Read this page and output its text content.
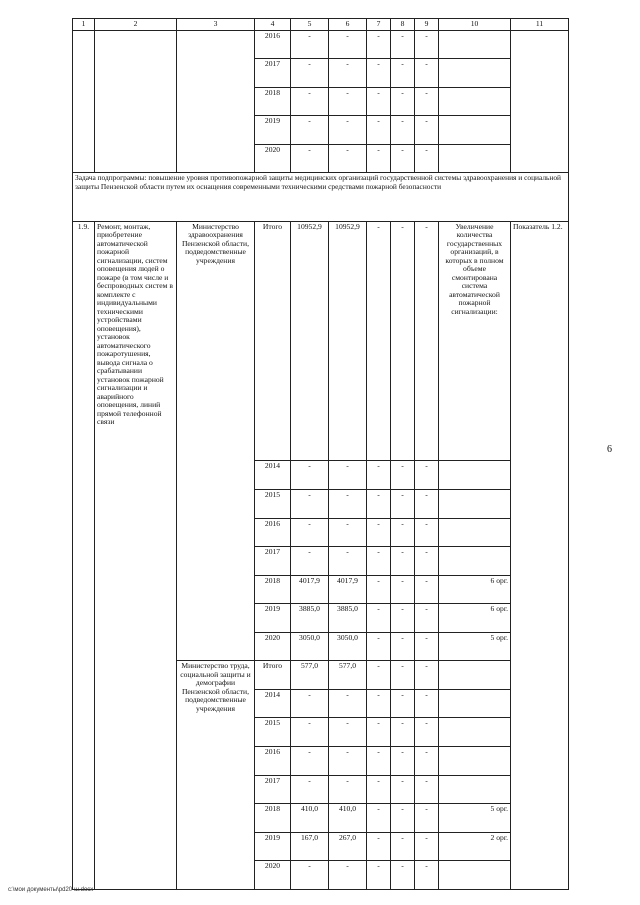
6
1	2	3	4	5	6	7	8	9	10	11
			2016	-	-	-	-	-		
			2017	-	-	-	-	-		
			2018	-	-	-	-	-		
			2019	-	-	-	-	-		
			2020	-	-	-	-	-		
Задача подпрограммы: повышение уровня противопожарной защиты медицинских организаций государственной системы здравоохранения и социальной защиты Пензенской области путем их оснащения современными техническими средствами пожарной безопасности										
1.9.	Ремонт, монтаж, приобретение автоматической пожарной сигнализации, систем оповещения людей о пожаре (в том числе и беспроводных систем в комплекте с индивидуальными техническими устройствами оповещения), установок автоматического пожаротушения, вывода сигнала о срабатывании установок пожарной сигнализации и аварийного оповещения, линий прямой телефонной связи	Министерство здравоохранения Пензенской области, подведомственные учреждения	Итого	10952,9	10952,9	-	-	-	Увеличение количества государственных организаций, в которых в полном объеме смонтирована система автоматической пожарной сигнализации:	Показатель 1.2.
			2014	-	-	-	-	-		
			2015	-	-	-	-	-		
			2016	-	-	-	-	-		
			2017	-	-	-	-	-		
			2018	4017,9	4017,9	-	-	-	6 орг.	
			2019	3885,0	3885,0	-	-	-	6 орг.	
			2020	3050,0	3050,0	-	-	-	5 орг.	
		Министерство труда, социальной защиты и демографии Пензенской области, подведомственные учреждения	Итого	577,0	577,0	-	-	-		
			2014	-	-	-	-	-		
			2015	-	-	-	-	-		
			2016	-	-	-	-	-		
			2017	-	-	-	-	-		
			2018	410,0	410,0	-	-	-	5 орг.	
			2019	167,0	267,0	-	-	-	2 орг.	
			2020	-	-	-	-	-		
c:\мои документы\pd20-ш.docx
